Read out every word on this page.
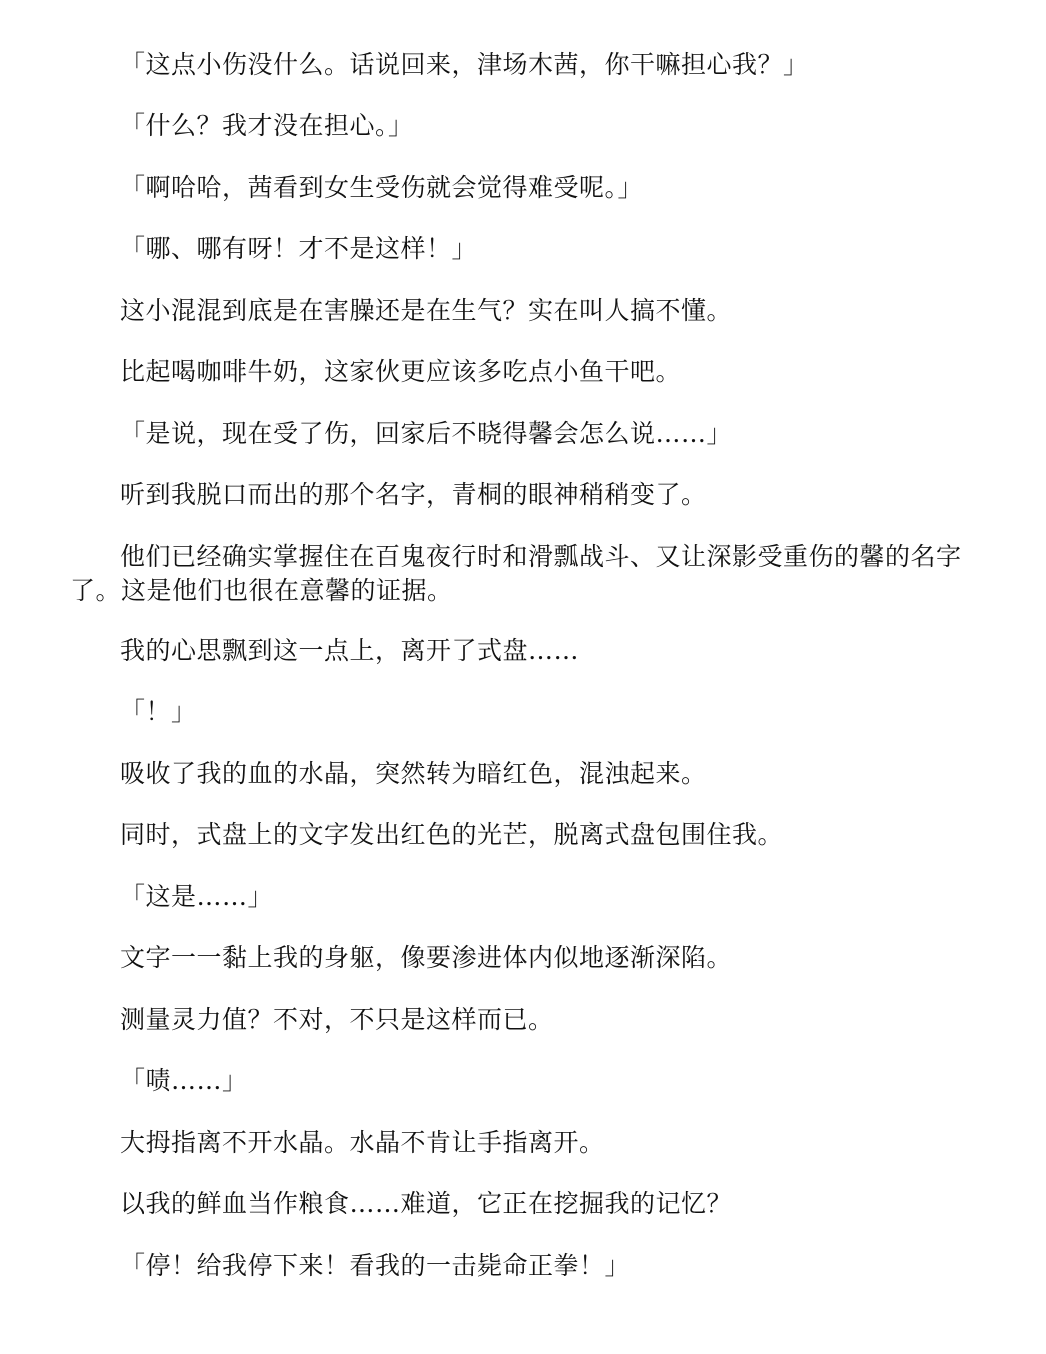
「这点小伤没什么。话说回来，津场木茜，你干嘛担心我？」

「什么？我才没在担心。」

「啊哈哈，茜看到女生受伤就会觉得难受呢。」

「哪、哪有呀！才不是这样！」

这小混混到底是在害臊还是在生气？实在叫人搞不懂。

比起喝咖啡牛奶，这家伙更应该多吃点小鱼干吧。

「是说，现在受了伤，回家后不晓得馨会怎么说……」

听到我脱口而出的那个名字，青桐的眼神稍稍变了。

他们已经确实掌握住在百鬼夜行时和滑瓢战斗、又让深影受重伤的馨的名字了。这是他们也很在意馨的证据。

我的心思飘到这一点上，离开了式盘……

「！」

吸收了我的血的水晶，突然转为暗红色，混浊起来。

同时，式盘上的文字发出红色的光芒，脱离式盘包围住我。

「这是……」

文字一一黏上我的身躯，像要渗进体内似地逐渐深陷。

测量灵力值？不对，不只是这样而已。

「啧……」

大拇指离不开水晶。水晶不肯让手指离开。

以我的鲜血当作粮食……难道，它正在挖掘我的记忆？

「停！给我停下来！看我的一击毙命正拳！」
